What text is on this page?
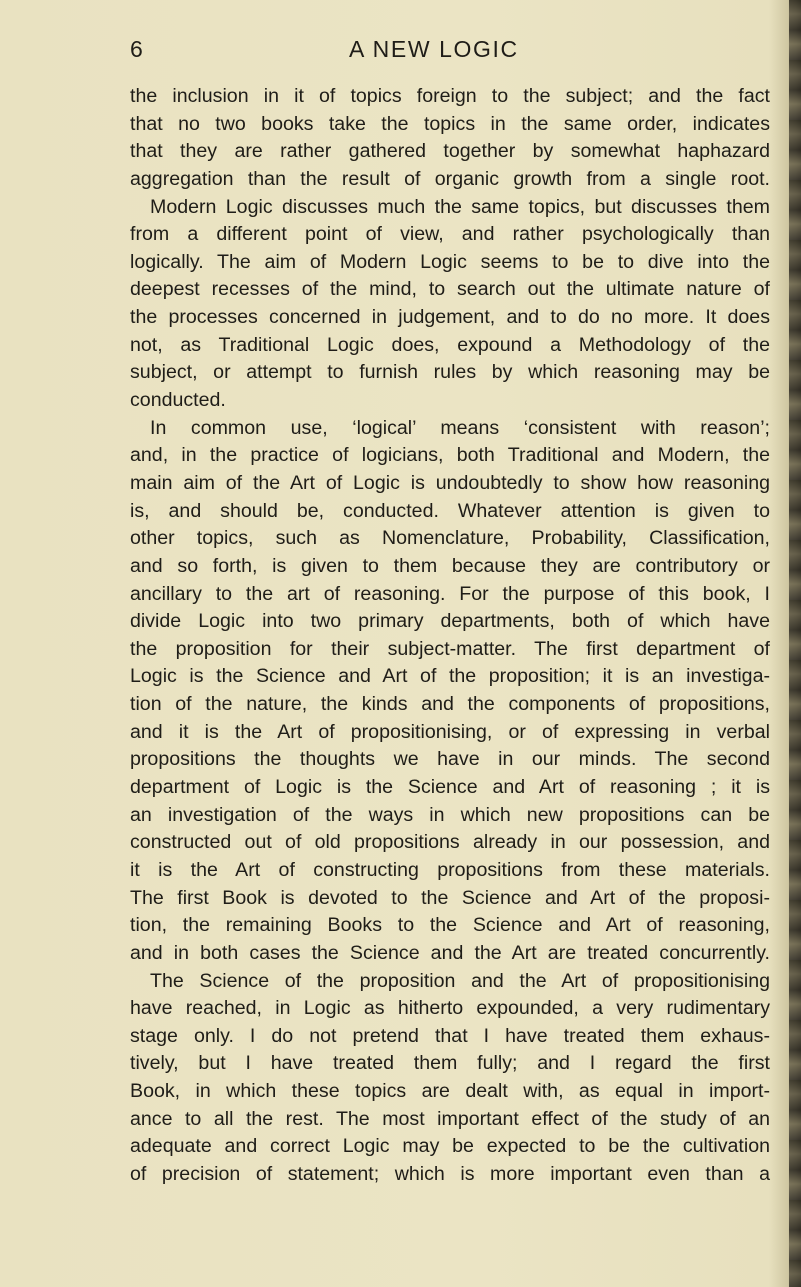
6	A NEW LOGIC
the inclusion in it of topics foreign to the subject; and the fact
that no two books take the topics in the same order, indicates
that they are rather gathered together by somewhat haphazard
aggregation than the result of organic growth from a single root.
Modern Logic discusses much the same topics, but discusses them
from a different point of view, and rather psychologically than
logically. The aim of Modern Logic seems to be to dive into the
deepest recesses of the mind, to search out the ultimate nature of
the processes concerned in judgement, and to do no more. It does
not, as Traditional Logic does, expound a Methodology of the
subject, or attempt to furnish rules by which reasoning may be
conducted.
In common use, ‘logical’ means ‘consistent with reason’;
and, in the practice of logicians, both Traditional and Modern, the
main aim of the Art of Logic is undoubtedly to show how reasoning
is, and should be, conducted. Whatever attention is given to
other topics, such as Nomenclature, Probability, Classification,
and so forth, is given to them because they are contributory or
ancillary to the art of reasoning. For the purpose of this book, I
divide Logic into two primary departments, both of which have
the proposition for their subject-matter. The first department of
Logic is the Science and Art of the proposition; it is an investiga-
tion of the nature, the kinds and the components of propositions,
and it is the Art of propositionising, or of expressing in verbal
propositions the thoughts we have in our minds. The second
department of Logic is the Science and Art of reasoning ; it is
an investigation of the ways in which new propositions can be
constructed out of old propositions already in our possession, and
it is the Art of constructing propositions from these materials.
The first Book is devoted to the Science and Art of the proposi-
tion, the remaining Books to the Science and Art of reasoning,
and in both cases the Science and the Art are treated concurrently.
The Science of the proposition and the Art of propositionising
have reached, in Logic as hitherto expounded, a very rudimentary
stage only. I do not pretend that I have treated them exhaus-
tively, but I have treated them fully; and I regard the first
Book, in which these topics are dealt with, as equal in import-
ance to all the rest. The most important effect of the study of an
adequate and correct Logic may be expected to be the cultivation
of precision of statement; which is more important even than a
